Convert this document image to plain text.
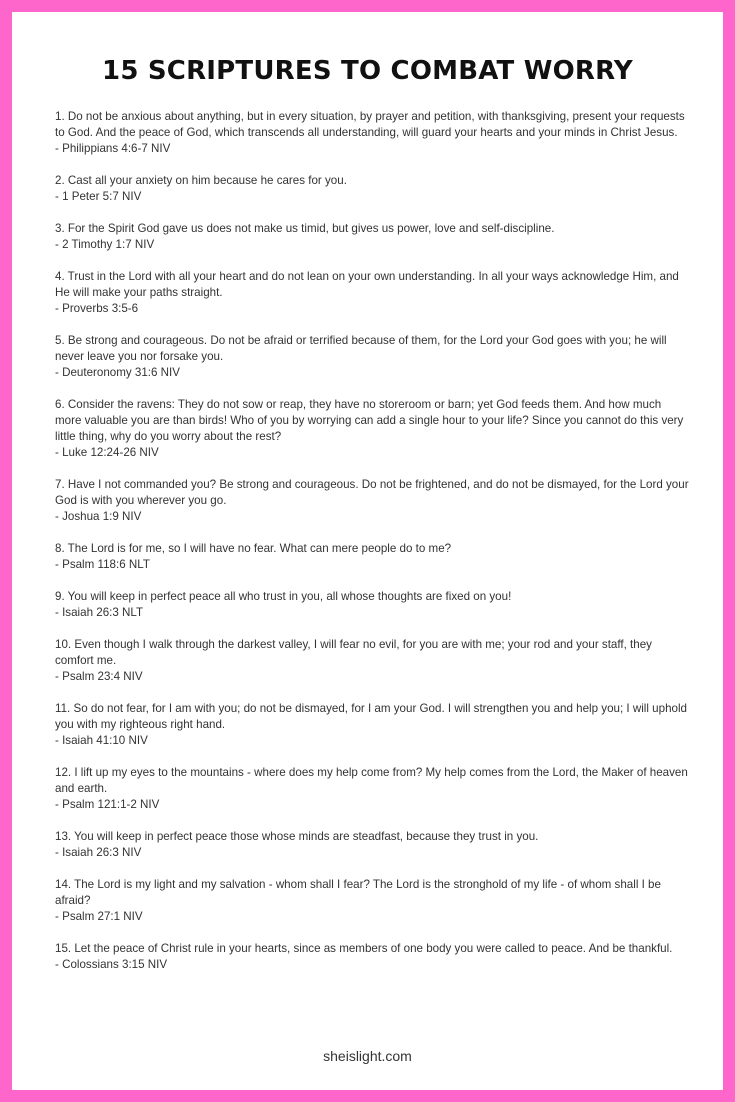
15 SCRIPTURES TO COMBAT WORRY
1. Do not be anxious about anything, but in every situation, by prayer and petition, with thanksgiving, present your requests to God. And the peace of God, which transcends all understanding, will guard your hearts and your minds in Christ Jesus.
- Philippians 4:6-7 NIV
2. Cast all your anxiety on him because he cares for you.
- 1 Peter 5:7 NIV
3. For the Spirit God gave us does not make us timid, but gives us power, love and self-discipline.
- 2 Timothy 1:7 NIV
4. Trust in the Lord with all your heart and do not lean on your own understanding. In all your ways acknowledge Him, and He will make your paths straight.
- Proverbs 3:5-6
5. Be strong and courageous. Do not be afraid or terrified because of them, for the Lord your God goes with you; he will never leave you nor forsake you.
- Deuteronomy 31:6 NIV
6. Consider the ravens: They do not sow or reap, they have no storeroom or barn; yet God feeds them. And how much more valuable you are than birds! Who of you by worrying can add a single hour to your life? Since you cannot do this very little thing, why do you worry about the rest?
- Luke 12:24-26 NIV
7. Have I not commanded you? Be strong and courageous. Do not be frightened, and do not be dismayed, for the Lord your God is with you wherever you go.
- Joshua 1:9 NIV
8. The Lord is for me, so I will have no fear. What can mere people do to me?
- Psalm 118:6 NLT
9. You will keep in perfect peace all who trust in you, all whose thoughts are fixed on you!
- Isaiah 26:3 NLT
10. Even though I walk through the darkest valley, I will fear no evil, for you are with me; your rod and your staff, they comfort me.
- Psalm 23:4 NIV
11. So do not fear, for I am with you; do not be dismayed, for I am your God. I will strengthen you and help you; I will uphold you with my righteous right hand.
- Isaiah 41:10 NIV
12. I lift up my eyes to the mountains - where does my help come from? My help comes from the Lord, the Maker of heaven and earth.
- Psalm 121:1-2 NIV
13. You will keep in perfect peace those whose minds are steadfast, because they trust in you.
- Isaiah 26:3 NIV
14. The Lord is my light and my salvation - whom shall I fear? The Lord is the stronghold of my life - of whom shall I be afraid?
- Psalm 27:1 NIV
15. Let the peace of Christ rule in your hearts, since as members of one body you were called to peace. And be thankful.
- Colossians 3:15 NIV

sheislight.com
